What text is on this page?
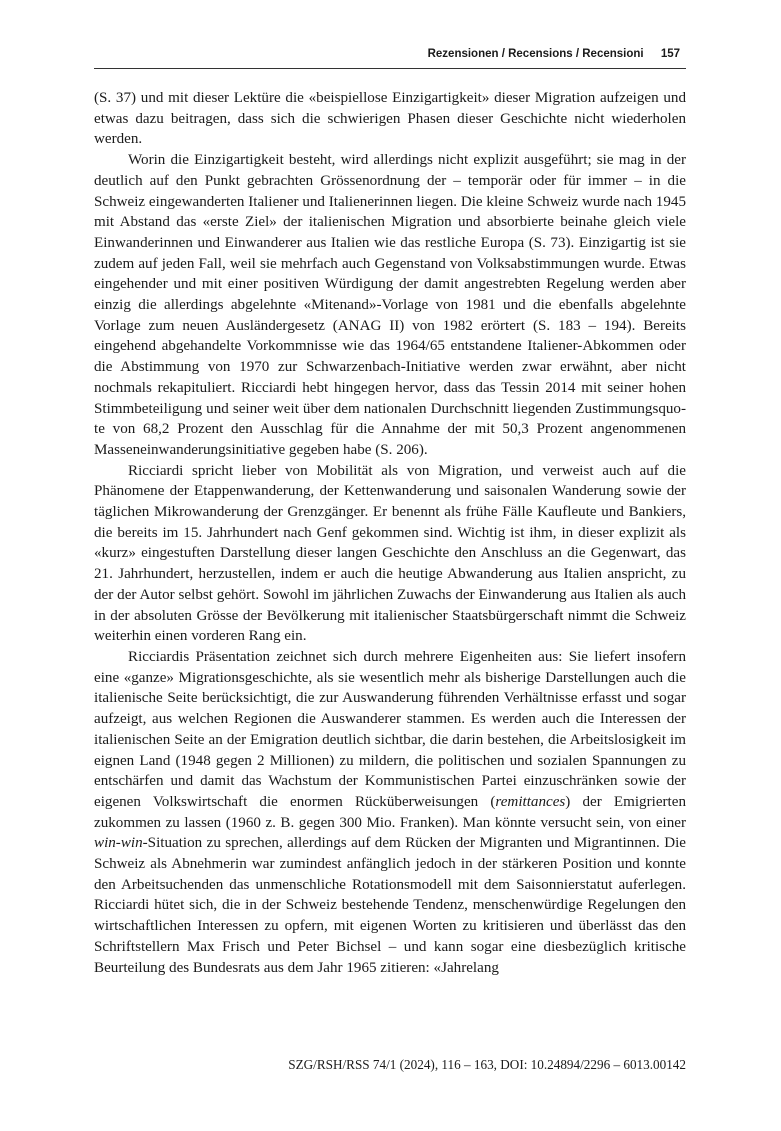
Rezensionen / Recensions / Recensioni 157

(S. 37) und mit dieser Lektüre die «beispiellose Einzigartigkeit» dieser Migration aufzeigen und etwas dazu beitragen, dass sich die schwierigen Phasen dieser Geschichte nicht wiederholen werden.

Worin die Einzigartigkeit besteht, wird allerdings nicht explizit ausgeführt; sie mag in der deutlich auf den Punkt gebrachten Grössenordnung der – temporär oder für immer – in die Schweiz eingewanderten Italiener und Italienerinnen liegen. Die kleine Schweiz wurde nach 1945 mit Abstand das «erste Ziel» der italienischen Migration und absorbierte beinahe gleich viele Einwanderinnen und Einwanderer aus Italien wie das restliche Europa (S. 73). Einzigartig ist sie zudem auf jeden Fall, weil sie mehrfach auch Gegenstand von Volksabstimmungen wurde. Etwas eingehender und mit einer positiven Würdigung der damit angestrebten Regelung werden aber einzig die allerdings abgelehnte «Mitenand»-Vorlage von 1981 und die ebenfalls abgelehnte Vorlage zum neuen Ausländergesetz (ANAG II) von 1982 erörtert (S. 183 – 194). Bereits eingehend abgehandelte Vorkommnisse wie das 1964/65 entstandene Italiener-Abkommen oder die Abstimmung von 1970 zur Schwarzenbach-Initiative werden zwar erwähnt, aber nicht nochmals rekapituliert. Ricciardi hebt hingegen hervor, dass das Tessin 2014 mit seiner hohen Stimmbeteiligung und seiner weit über dem nationalen Durchschnitt liegenden Zustimmungsquote von 68,2 Prozent den Ausschlag für die Annahme der mit 50,3 Prozent angenommenen Masseneinwanderungsinitiative gegeben habe (S. 206).

Ricciardi spricht lieber von Mobilität als von Migration, und verweist auch auf die Phänomene der Etappenwanderung, der Kettenwanderung und saisonalen Wanderung sowie der täglichen Mikrowanderung der Grenzgänger. Er benennt als frühe Fälle Kaufleute und Bankiers, die bereits im 15. Jahrhundert nach Genf gekommen sind. Wichtig ist ihm, in dieser explizit als «kurz» eingestuften Darstellung dieser langen Geschichte den Anschluss an die Gegenwart, das 21. Jahrhundert, herzustellen, indem er auch die heutige Abwanderung aus Italien anspricht, zu der der Autor selbst gehört. Sowohl im jährlichen Zuwachs der Einwanderung aus Italien als auch in der absoluten Grösse der Bevölkerung mit italienischer Staatsbürgerschaft nimmt die Schweiz weiterhin einen vorderen Rang ein.

Ricciardis Präsentation zeichnet sich durch mehrere Eigenheiten aus: Sie liefert insofern eine «ganze» Migrationsgeschichte, als sie wesentlich mehr als bisherige Darstellungen auch die italienische Seite berücksichtigt, die zur Auswanderung führenden Verhältnisse erfasst und sogar aufzeigt, aus welchen Regionen die Auswanderer stammen. Es werden auch die Interessen der italienischen Seite an der Emigration deutlich sichtbar, die darin bestehen, die Arbeitslosigkeit im eignen Land (1948 gegen 2 Millionen) zu mildern, die politischen und sozialen Spannungen zu entschärfen und damit das Wachstum der Kommunistischen Partei einzuschränken sowie der eigenen Volkswirtschaft die enormen Rücküberweisungen (remittances) der Emigrierten zukommen zu lassen (1960 z. B. gegen 300 Mio. Franken). Man könnte versucht sein, von einer win-win-Situation zu sprechen, allerdings auf dem Rücken der Migranten und Migrantinnen. Die Schweiz als Abnehmerin war zumindest anfänglich jedoch in der stärkeren Position und konnte den Arbeitsuchenden das unmenschliche Rotationsmodell mit dem Saisonnierstatut auferlegen. Ricciardi hütet sich, die in der Schweiz bestehende Tendenz, menschenwürdige Regelungen den wirtschaftlichen Interessen zu opfern, mit eigenen Worten zu kritisieren und überlässt das den Schriftstellern Max Frisch und Peter Bichsel – und kann sogar eine diesbezüglich kritische Beurteilung des Bundesrats aus dem Jahr 1965 zitieren: «Jahrelang

SZG/RSH/RSS 74/1 (2024), 116 – 163, DOI: 10.24894/2296 – 6013.00142
